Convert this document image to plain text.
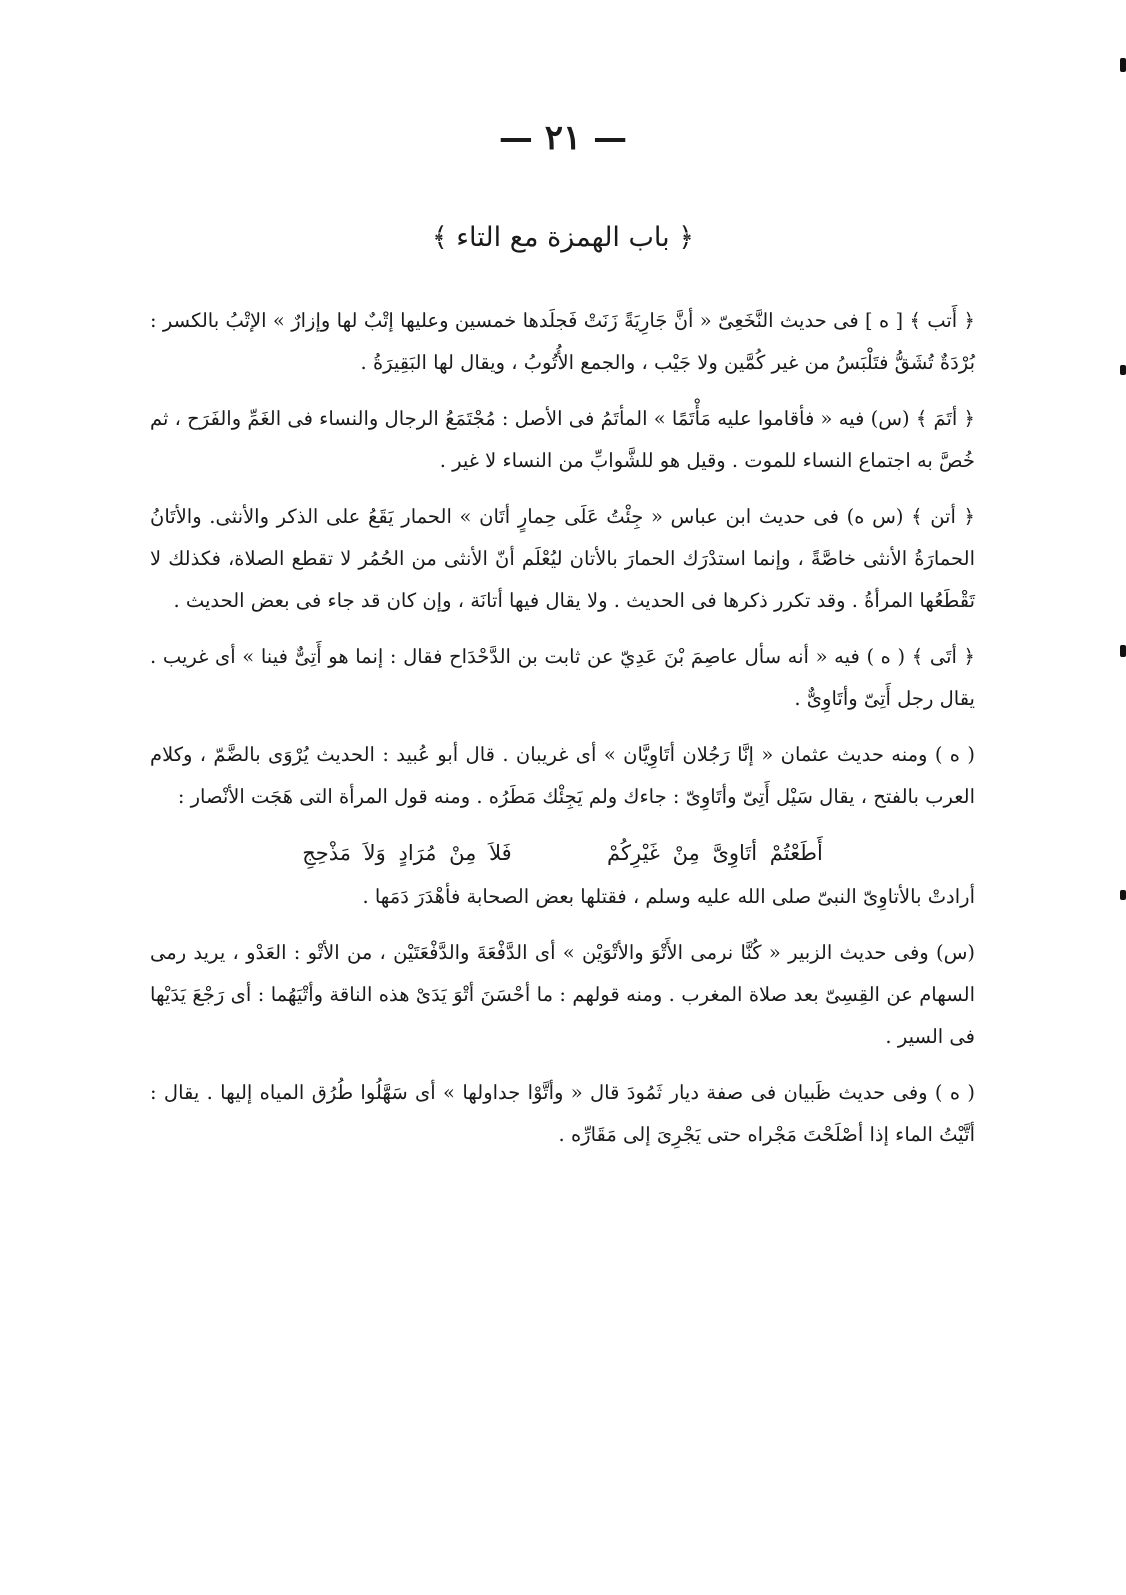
— ٢١ —
﴿ باب الهمزة مع التاء ﴾

﴿ أَتب ﴾ [ ه ] فى حديث النَّخَعِىّ « أنَّ جَارِيَةً زَنَتْ فَجلَدها خمسين وعليها إتْبٌ لها وإزارٌ » الإتْبُ بالكسر : بُرْدَةٌ تُشَقُّ فتَلْبَسُ من غير كُمَّين ولا جَيْب ، والجمع الأُتُوبُ ، ويقال لها البَقِيرَةُ .

﴿ أتَمَ ﴾ (س) فيه « فأقاموا عليه مَأْتَمًا » المأتَمُ فى الأصل : مُجْتَمَعُ الرجال والنساء فى الغَمِّ والفَرَح ، ثم خُصَّ به اجتماع النساء للموت . وقيل هو للشَّوابِّ من النساء لا غير .

﴿ أتن ﴾ (س ه) فى حديث ابن عباس « جِئْتُ عَلَى حِمارٍ أتَان » الحمار يَقَعُ على الذكر والأنثى. والأتَانُ الحمارَةُ الأنثى خاصَّةً ، وإنما استدْرَك الحمارَ بالأتان ليُعْلَم أنّ الأنثى من الحُمُر لا تقطع الصلاة، فكذلك لا تَقْطَعُها المرأةُ . وقد تكرر ذكرها فى الحديث . ولا يقال فيها أتانَة ، وإن كان قد جاء فى بعض الحديث .

﴿ أتَى ﴾ ( ه ) فيه « أنه سأل عاصِمَ بْنَ عَدِيّ عن ثابت بن الدَّحْدَاح فقال : إنما هو أَتِىٌّ فينا » أى غريب . يقال رجل أَتِىّ وأتَاوِىٌّ .

( ه ) ومنه حديث عثمان « إنَّا رَجُلان أتَاوِيَّان » أى غريبان . قال أبو عُبيد : الحديث يُرْوَى بالضَّمّ ، وكلام العرب بالفتح ، يقال سَيْل أَتِىّ وأتَاوِىّ : جاءك ولم يَجِئْك مَطَرُه . ومنه قول المرأة التى هَجَت الأنْصار :

أَطَعْتُمْ أتَاوِىَّ مِنْ غَيْرِكُمْ  فَلاَ مِنْ مُرَادٍ وَلاَ مَذْحِجِ

أرادتْ بالأتاوِىّ النبىّ صلى الله عليه وسلم ، فقتلها بعض الصحابة فأهْدَرَ دَمَها .

(س) وفى حديث الزبير « كُنَّا نرمى الأَتْوَ والأتْوَيْن » أى الدَّفْعَةَ والدَّفْعَتَيْن ، من الأتْو : العَدْو ، يريد رمى السهام عن القِسِىّ بعد صلاة المغرب . ومنه قولهم : ما أحْسَنَ أتْوَ يَدَىْ هذه الناقة وأتْيَهُما : أى رَجْعَ يَدَيْها فى السير .

( ه ) وفى حديث ظَبيان فى صفة ديار ثَمُودَ قال « وأتَّوْا جداولها » أى سَهَّلُوا طُرُق المياه إليها . يقال : أتَّيْتُ الماء إذا أصْلَحْتَ مَجْراه حتى يَجْرِىَ إلى مَقَارِّه .
